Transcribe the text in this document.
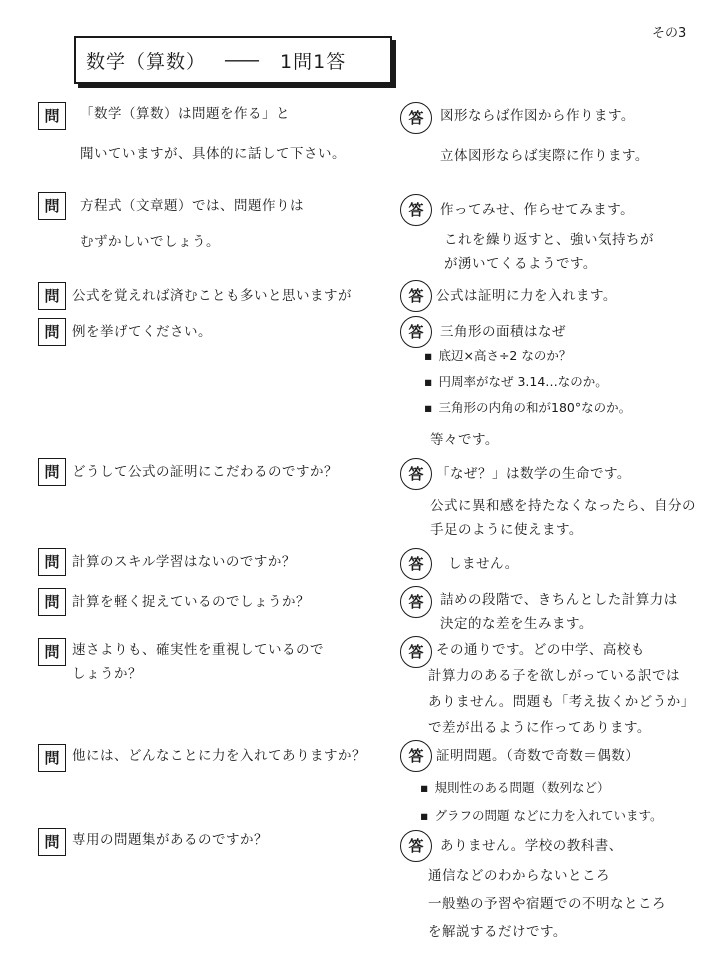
その3
数学（算数） —— 1問1答
問	「数学（算数）は問題を作る」と
聞いていますが、具体的に話して下さい。
答	図形ならば作図から作ります。
立体図形ならば実際に作ります。
問	方程式（文章題）では、問題作りは
むずかしいでしょう。
答	作ってみせ、作らせてみます。
これを繰り返すと、強い気持ちが
が湧いてくるようです。
問 公式を覚えれば済むことも多いと思いますが	答 公式は証明に力を入れます。
問 例を挙げてください。	答	三角形の面積はなぜ
▪ 底辺×高さ÷2 なのか？
▪ 円周率がなぜ 3.14…なのか。
▪ 三角形の内角の和が180°なのか。
等々です。
問 どうして公式の証明にこだわるのですか？	答 「なぜ？」は数学の生命です。
公式に異和感を持たなくなったら、自分の
手足のように使えます。
問 計算のスキル学習はないのですか？	答	しません。
問 計算を軽く捉えているのでしょうか？	答	詰めの段階で、きちんとした計算力は
決定的な差を生みます。
問 速さよりも、確実性を重視しているので
しょうか？
答 その通りです。どの中学、高校も
計算力のある子を欲しがっている訳では
ありません。問題も「考え抜くかどうか」
で差が出るように作ってあります。
問 他には、どんなことに力を入れてありますか？	答 証明問題。（奇数で奇数＝偶数）
▪ 規則性のある問題（数列など）
▪ グラフの問題 などに力を入れています。
問 専用の問題集があるのですか？	答	ありません。学校の教科書、
通信などのわからないところ
一般塾の予習や宿題での不明なところ
を解説するだけです。
